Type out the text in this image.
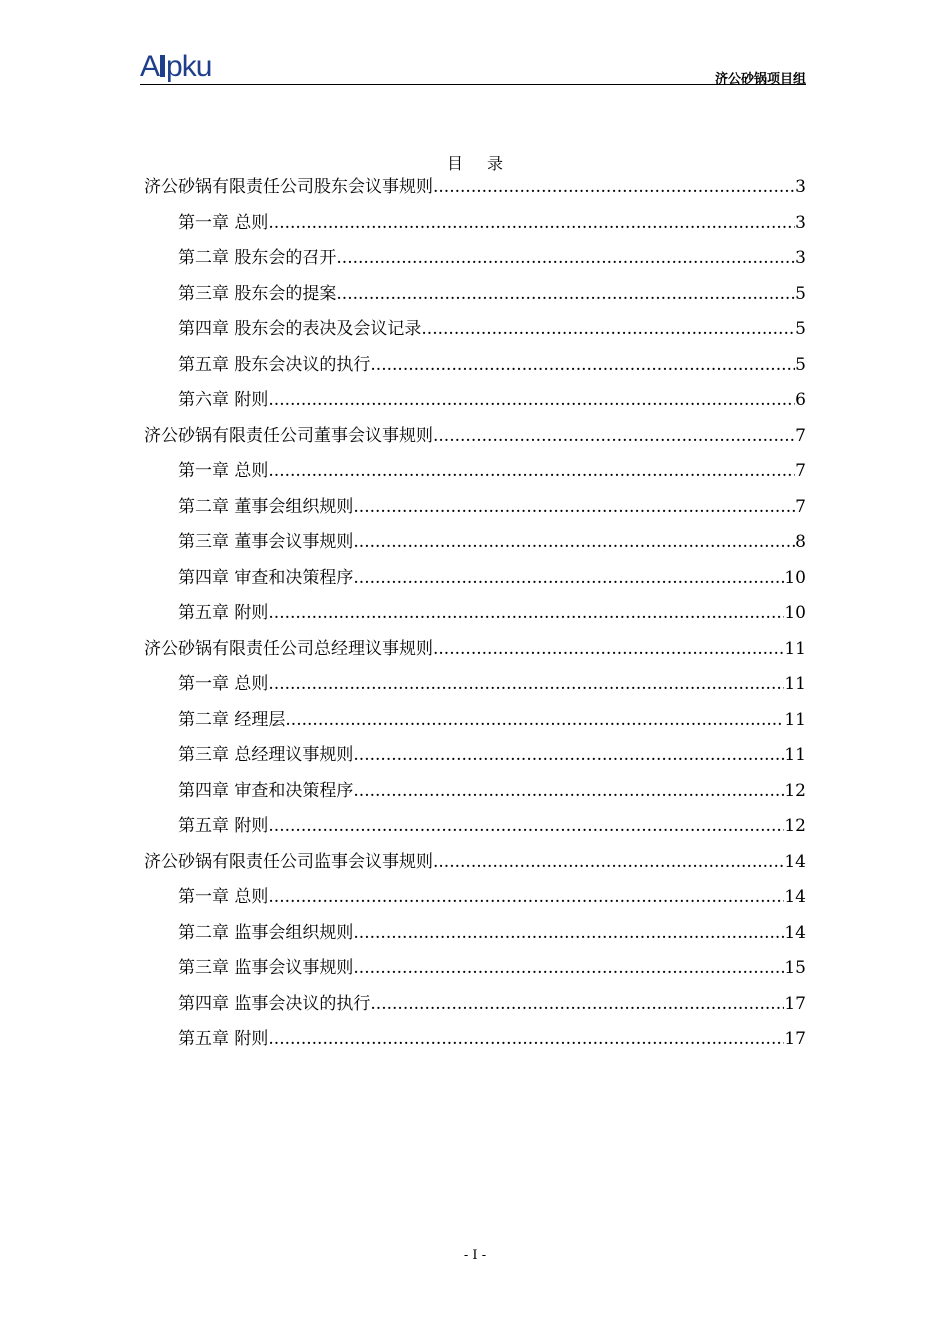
A pku	济公砂锅项目组
目录
济公砂锅有限责任公司股东会议事规则 .....	3
第一章 总则 .....	3
第二章 股东会的召开 .....	3
第三章 股东会的提案 .....	5
第四章 股东会的表决及会议记录 .....	5
第五章 股东会决议的执行 .....	5
第六章 附则 .....	6
济公砂锅有限责任公司董事会议事规则 .....	7
第一章 总则 .....	7
第二章 董事会组织规则 .....	7
第三章 董事会议事规则 .....	8
第四章 审查和决策程序 .....	10
第五章 附则 .....	10
济公砂锅有限责任公司总经理议事规则 .....	11
第一章 总则 .....	11
第二章 经理层 .....	11
第三章 总经理议事规则 .....	11
第四章 审查和决策程序 .....	12
第五章 附则 .....	12
济公砂锅有限责任公司监事会议事规则 .....	14
第一章 总则 .....	14
第二章 监事会组织规则 .....	14
第三章 监事会议事规则 .....	15
第四章 监事会决议的执行 .....	17
第五章 附则 .....	17
- I -
